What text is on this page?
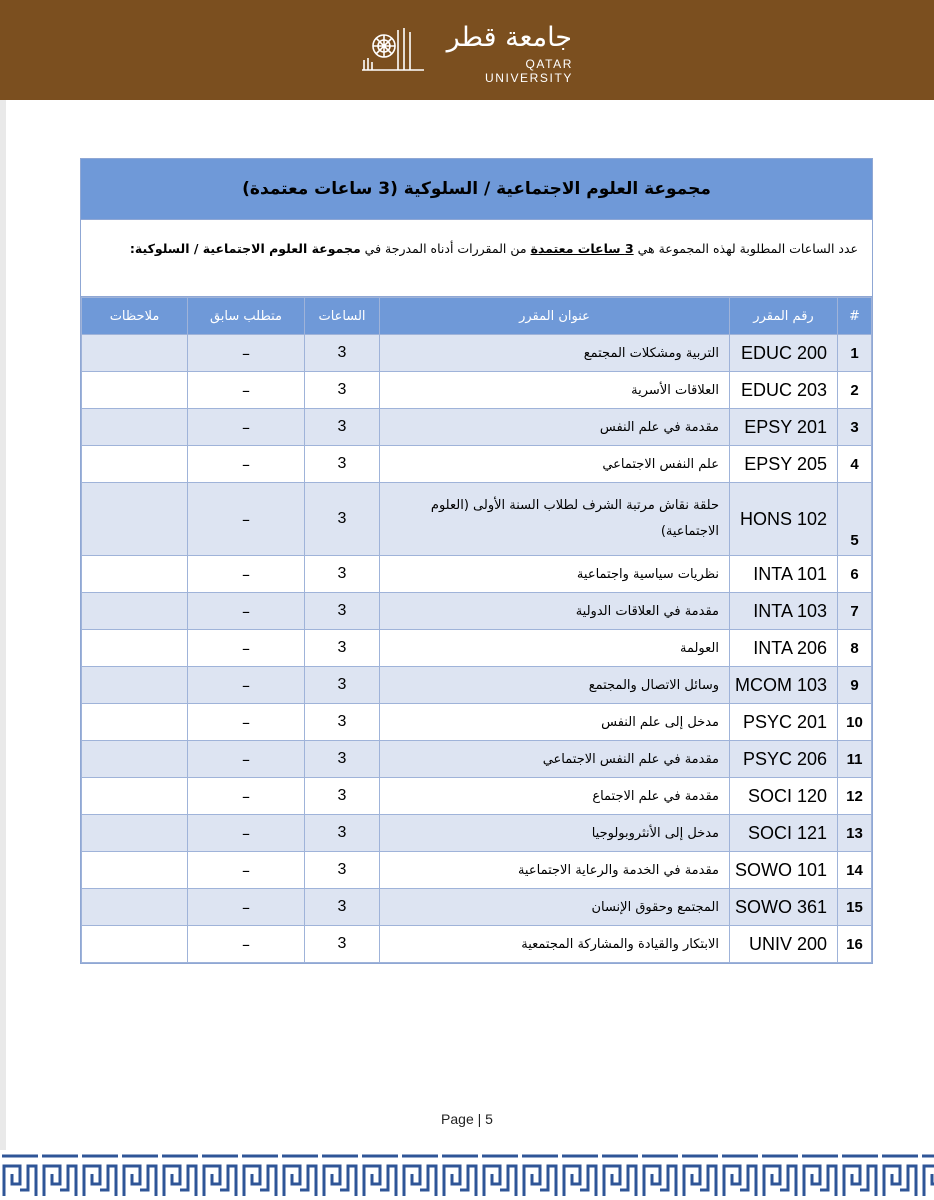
جامعة قطر
QATAR UNIVERSITY
مجموعة العلوم الاجتماعية / السلوكية (3 ساعات معتمدة)
عدد الساعات المطلوبة لهذه المجموعة هي 3 ساعات معتمدة من المقررات أدناه المدرجة في مجموعة العلوم الاجتماعية / السلوكية:
#	رقم المقرر	عنوان المقرر	الساعات	متطلب سابق	ملاحظات
1	EDUC 200	التربية ومشكلات المجتمع	3	–	
2	EDUC 203	العلاقات الأسرية	3	–	
3	EPSY 201	مقدمة في علم النفس	3	–	
4	EPSY 205	علم النفس الاجتماعي	3	–	
5	HONS 102	حلقة نقاش مرتبة الشرف لطلاب السنة الأولى (العلوم الاجتماعية)	3	–	
6	INTA 101	نظريات سياسية واجتماعية	3	–	
7	INTA 103	مقدمة في العلاقات الدولية	3	–	
8	INTA 206	العولمة	3	–	
9	MCOM 103	وسائل الاتصال والمجتمع	3	–	
10	PSYC 201	مدخل إلى علم النفس	3	–	
11	PSYC 206	مقدمة في علم النفس الاجتماعي	3	–	
12	SOCI 120	مقدمة في علم الاجتماع	3	–	
13	SOCI 121	مدخل إلى الأنثروبولوجيا	3	–	
14	SOWO 101	مقدمة في الخدمة والرعاية الاجتماعية	3	–	
15	SOWO 361	المجتمع وحقوق الإنسان	3	–	
16	UNIV 200	الابتكار والقيادة والمشاركة المجتمعية	3	–	
Page | 5
